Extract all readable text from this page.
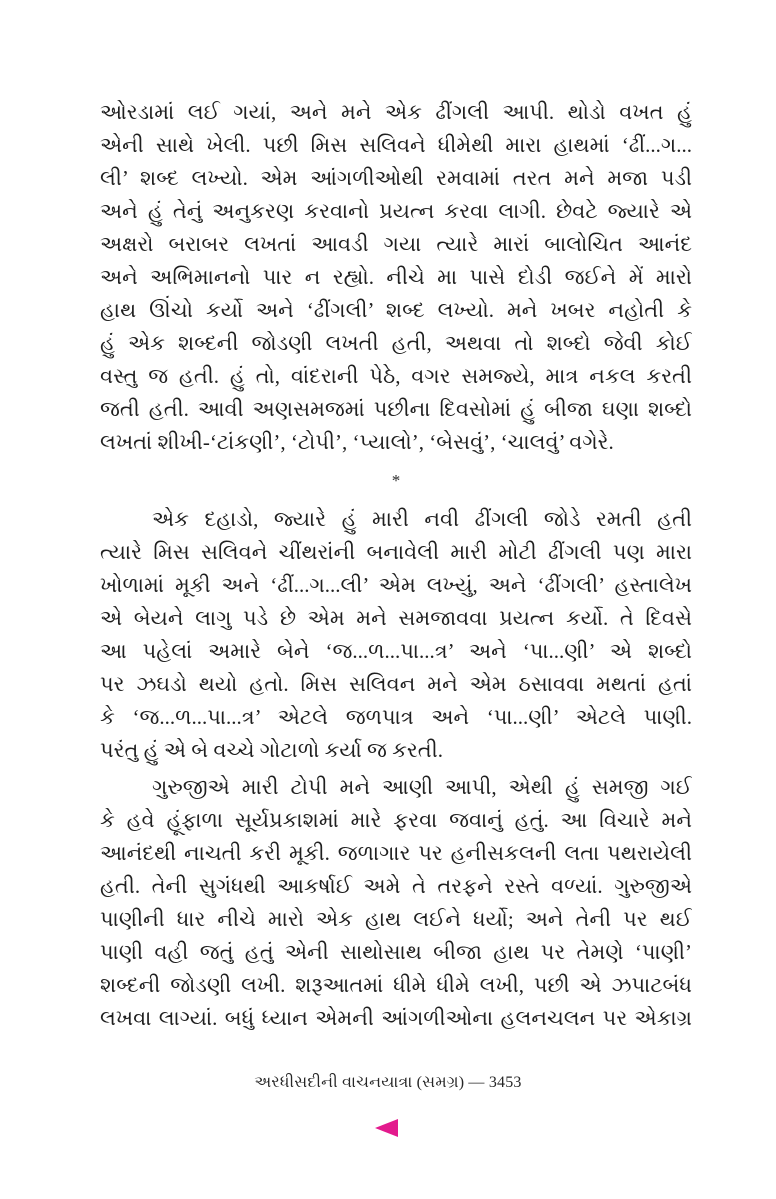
ઓરડામાં લઈ ગયાં, અને મને એક ઢીંગલી આપી. થોડો વખત હું
એની સાથે ખેલી. પછી મિસ સલિવને ધીમેથી મારા હાથમાં ‘ઢીં...ગ...
લી’ શબ્દ લખ્યો. એમ આંગળીઓથી રમવામાં તરત મને મજા પડી
અને હું તેનું અનુકરણ કરવાનો પ્રયત્ન કરવા લાગી. છેવટે જ્યારે એ
અક્ષરો બરાબર લખતાં આવડી ગયા ત્યારે મારાં બાલોચિત આનંદ
અને અભિમાનનો પાર ન રહ્યો. નીચે મા પાસે દોડી જઈને મેં મારો
હાથ ઊંચો કર્યો અને ‘ઢીંગલી’ શબ્દ લખ્યો. મને ખબર નહોતી કે
હું એક શબ્દની જોડણી લખતી હતી, અથવા તો શબ્દો જેવી કોઈ
વસ્તુ જ હતી. હું તો, વાંદરાની પેઠે, વગર સમજ્યે, માત્ર નકલ કરતી
જતી હતી. આવી અણસમજમાં પછીના દિવસોમાં હું બીજા ઘણા શબ્દો
લખતાં શીખી-‘ટાંકણી’, ‘ટોપી’, ‘પ્યાલો’, ‘બેસવું’, ‘ચાલવું’ વગેરે.
*
એક દહાડો, જ્યારે હું મારી નવી ઢીંગલી જોડે રમતી હતી
ત્યારે મિસ સલિવને ચીંથરાંની બનાવેલી મારી મોટી ઢીંગલી પણ મારા
ખોળામાં મૂકી અને ‘ઢીં...ગ...લી’ એમ લખ્યું, અને ‘ઢીંગલી’ હસ્તાલેખ
એ બેયને લાગુ પડે છે એમ મને સમજાવવા પ્રયત્ન કર્યો. તે દિવસે
આ પહેલાં અમારે બેને ‘જ...ળ...પા...ત્ર’ અને ‘પા...ણી’ એ શબ્દો
પર ઝઘડો થયો હતો. મિસ સલિવન મને એમ ઠસાવવા મથતાં હતાં
કે ‘જ...ળ...પા...ત્ર’ એટલે જળપાત્ર અને ‘પા...ણી’ એટલે પાણી.
પરંતુ હું એ બે વચ્ચે ગોટાળો કર્યા જ કરતી.
ગુરુજીએ મારી ટોપી મને આણી આપી, એથી હું સમજી ગઈ
કે હવે હૂંફાળા સૂર્યપ્રકાશમાં મારે ફરવા જવાનું હતું. આ વિચારે મને
આનંદથી નાચતી કરી મૂકી. જળાગાર પર હનીસકલની લતા પથરાયેલી
હતી. તેની સુગંધથી આકર્ષાઈ અમે તે તરફને રસ્તે વળ્યાં. ગુરુજીએ
પાણીની ધાર નીચે મારો એક હાથ લઈને ધર્યો; અને તેની પર થઈ
પાણી વહી જતું હતું એની સાથોસાથ બીજા હાથ પર તેમણે ‘પાણી’
શબ્દની જોડણી લખી. શરૂઆતમાં ધીમે ધીમે લખી, પછી એ ઝપાટબંધ
લખવા લાગ્યાં. બધું ધ્યાન એમની આંગળીઓના હલનચલન પર એકાગ્ર
અરધીસદીની વાચનયાત્રા (સમગ્ર) — 3453
